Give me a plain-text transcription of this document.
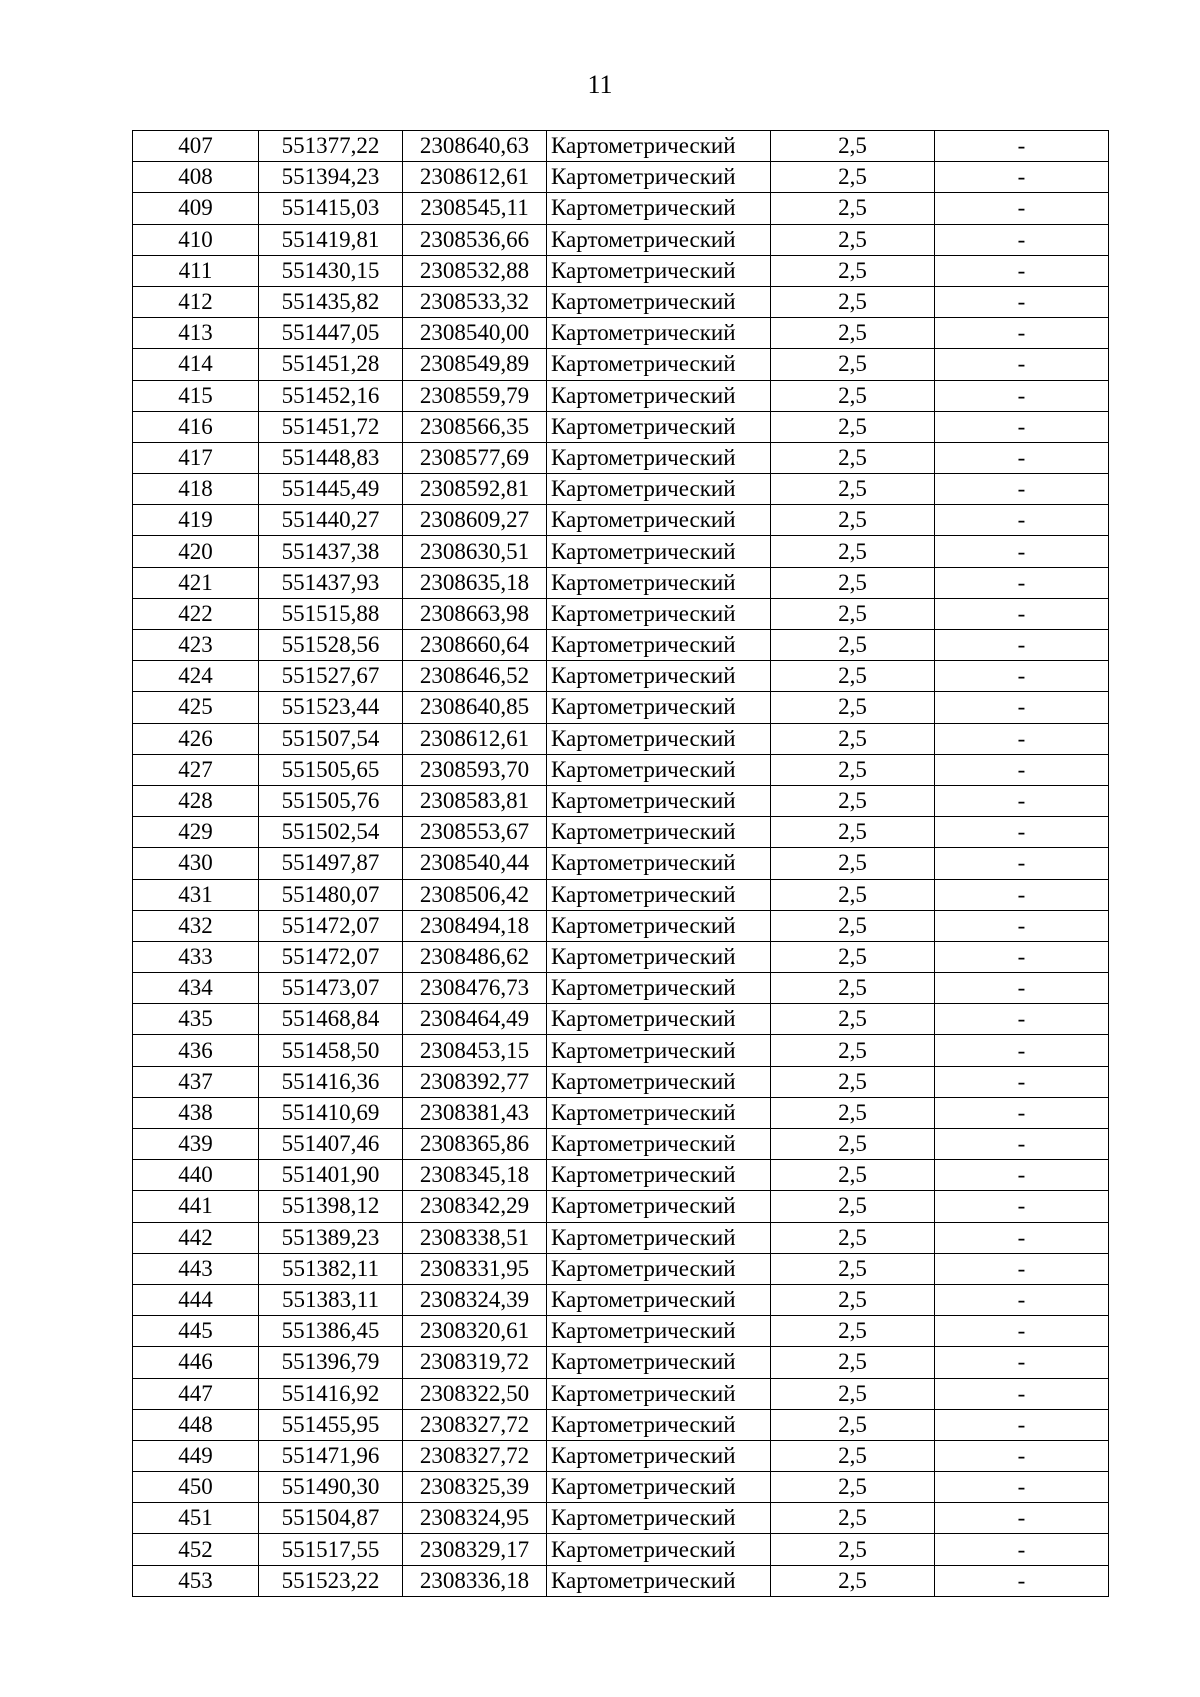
11
407	551377,22	2308640,63	Картометрический	2,5	-
408	551394,23	2308612,61	Картометрический	2,5	-
409	551415,03	2308545,11	Картометрический	2,5	-
410	551419,81	2308536,66	Картометрический	2,5	-
411	551430,15	2308532,88	Картометрический	2,5	-
412	551435,82	2308533,32	Картометрический	2,5	-
413	551447,05	2308540,00	Картометрический	2,5	-
414	551451,28	2308549,89	Картометрический	2,5	-
415	551452,16	2308559,79	Картометрический	2,5	-
416	551451,72	2308566,35	Картометрический	2,5	-
417	551448,83	2308577,69	Картометрический	2,5	-
418	551445,49	2308592,81	Картометрический	2,5	-
419	551440,27	2308609,27	Картометрический	2,5	-
420	551437,38	2308630,51	Картометрический	2,5	-
421	551437,93	2308635,18	Картометрический	2,5	-
422	551515,88	2308663,98	Картометрический	2,5	-
423	551528,56	2308660,64	Картометрический	2,5	-
424	551527,67	2308646,52	Картометрический	2,5	-
425	551523,44	2308640,85	Картометрический	2,5	-
426	551507,54	2308612,61	Картометрический	2,5	-
427	551505,65	2308593,70	Картометрический	2,5	-
428	551505,76	2308583,81	Картометрический	2,5	-
429	551502,54	2308553,67	Картометрический	2,5	-
430	551497,87	2308540,44	Картометрический	2,5	-
431	551480,07	2308506,42	Картометрический	2,5	-
432	551472,07	2308494,18	Картометрический	2,5	-
433	551472,07	2308486,62	Картометрический	2,5	-
434	551473,07	2308476,73	Картометрический	2,5	-
435	551468,84	2308464,49	Картометрический	2,5	-
436	551458,50	2308453,15	Картометрический	2,5	-
437	551416,36	2308392,77	Картометрический	2,5	-
438	551410,69	2308381,43	Картометрический	2,5	-
439	551407,46	2308365,86	Картометрический	2,5	-
440	551401,90	2308345,18	Картометрический	2,5	-
441	551398,12	2308342,29	Картометрический	2,5	-
442	551389,23	2308338,51	Картометрический	2,5	-
443	551382,11	2308331,95	Картометрический	2,5	-
444	551383,11	2308324,39	Картометрический	2,5	-
445	551386,45	2308320,61	Картометрический	2,5	-
446	551396,79	2308319,72	Картометрический	2,5	-
447	551416,92	2308322,50	Картометрический	2,5	-
448	551455,95	2308327,72	Картометрический	2,5	-
449	551471,96	2308327,72	Картометрический	2,5	-
450	551490,30	2308325,39	Картометрический	2,5	-
451	551504,87	2308324,95	Картометрический	2,5	-
452	551517,55	2308329,17	Картометрический	2,5	-
453	551523,22	2308336,18	Картометрический	2,5	-
